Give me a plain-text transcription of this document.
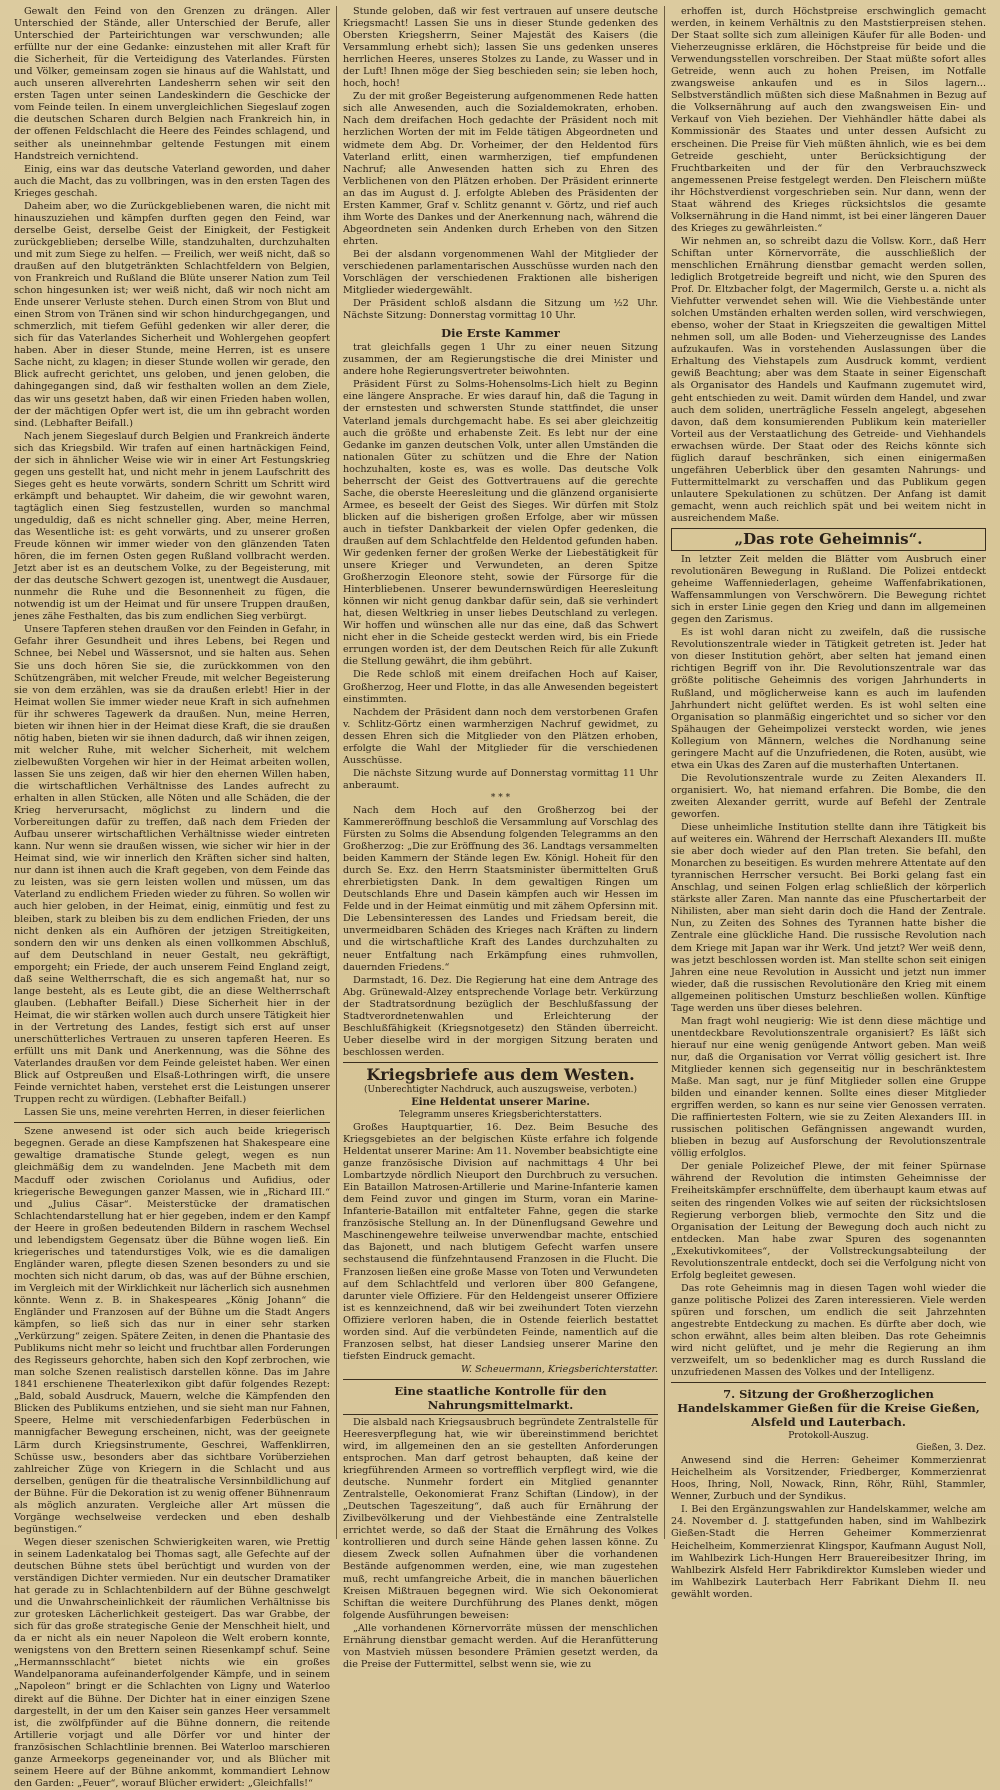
Gewalt den Feind von den Grenzen zu drängen. Aller Unterschied der Stände, aller Unterschied der Berufe, aller Unterschied der Parteirichtungen war verschwunden; alle erfüllte nur der eine Gedanke: einzustehen mit aller Kraft für die Sicherheit, für die Verteidigung des Vaterlandes. Fürsten und Völker, gemeinsam zogen sie hinaus auf die Wahlstatt, und auch unseren allverehrten Landesherrn sehen wir seit den ersten Tagen unter seinen Landeskindern die Geschicke der vom Feinde teilen. In einem unvergleichlichen Siegeslauf zogen die deutschen Scharen durch Belgien nach Frankreich hin, in der offenen Feldschlacht die Heere des Feindes schlagend, und seither als uneinnehmbar geltende Festungen mit einem Handstreich vernichtend.

Einig, eins war das deutsche Vaterland geworden, und daher auch die Macht, das zu vollbringen, was in den ersten Tagen des Krieges geschah.

Daheim aber, wo die Zurückgebliebenen waren, die nicht mit hinauszuziehen und kämpfen durften gegen den Feind, war derselbe Geist, derselbe Geist der Einigkeit, der Festigkeit zurückgeblieben; derselbe Wille, standzuhalten, durchzuhalten und mit zum Siege zu helfen. — Freilich, wer weiß nicht, daß so draußen auf den blutgetränkten Schlachtfeldern von Belgien, von Frankreich und Rußland die Blüte unserer Nation zum Teil schon hingesunken ist; wer weiß nicht, daß wir noch nicht am Ende unserer Verluste stehen. Durch einen Strom von Blut und einen Strom von Tränen sind wir schon hindurchgegangen, und schmerzlich, mit tiefem Gefühl gedenken wir aller derer, die sich für das Vaterlandes Sicherheit und Wohlergehen geopfert haben. Aber in dieser Stunde, meine Herren, ist es unsere Sache nicht, zu klagen; in dieser Stunde wollen wir gerade, den Blick aufrecht gerichtet, uns geloben, und jenen geloben, die dahingegangen sind, daß wir festhalten wollen an dem Ziele, das wir uns gesetzt haben, daß wir einen Frieden haben wollen, der der mächtigen Opfer wert ist, die um ihn gebracht worden sind. (Lebhafter Beifall.)

Nach jenem Siegeslauf durch Belgien und Frankreich änderte sich das Kriegsbild. Wir trafen auf einen hartnäckigen Feind, der sich in ähnlicher Weise wie wir in einer Art Festungskrieg gegen uns gestellt hat, und nicht mehr in jenem Laufschritt des Sieges geht es heute vorwärts, sondern Schritt um Schritt wird erkämpft und behauptet. Wir daheim, die wir gewohnt waren, tagtäglich einen Sieg festzustellen, wurden so manchmal ungeduldig, daß es nicht schneller ging. Aber, meine Herren, das Wesentliche ist: es geht vorwärts, und zu unserer großen Freude können wir immer wieder von den glänzenden Taten hören, die im fernen Osten gegen Rußland vollbracht werden. Jetzt aber ist es an deutschem Volke, zu der Begeisterung, mit der das deutsche Schwert gezogen ist, unentwegt die Ausdauer, nunmehr die Ruhe und die Besonnenheit zu fügen, die notwendig ist um der Heimat und für unsere Truppen draußen, jenes zähe Festhalten, das bis zum endlichen Sieg verbürgt.

Unsere Tapferen stehen draußen vor den Feinden in Gefahr, in Gefahr ihrer Gesundheit und ihres Lebens, bei Regen und Schnee, bei Nebel und Wässersnot, und sie halten aus. Sehen Sie uns doch hören Sie sie, die zurückkommen von den Schützengräben, mit welcher Freude, mit welcher Begeisterung sie von dem erzählen, was sie da draußen erlebt! Hier in der Heimat wollen Sie immer wieder neue Kraft in sich aufnehmen für ihr schweres Tagewerk da draußen. Nun, meine Herren, bieten wir ihnen hier in der Heimat diese Kraft, die sie draußen nötig haben, bieten wir sie ihnen dadurch, daß wir ihnen zeigen, mit welcher Ruhe, mit welcher Sicherheit, mit welchem zielbewußten Vorgehen wir hier in der Heimat arbeiten wollen, lassen Sie uns zeigen, daß wir hier den ehernen Willen haben, die wirtschaftlichen Verhältnisse des Landes aufrecht zu erhalten in allen Stücken, alle Nöten und alle Schäden, die der Krieg herverursacht, möglichst zu lindern und die Vorbereitungen dafür zu treffen, daß nach dem Frieden der Aufbau unserer wirtschaftlichen Verhältnisse wieder eintreten kann. Nur wenn sie draußen wissen, wie sicher wir hier in der Heimat sind, wie wir innerlich den Kräften sicher sind halten, nur dann ist ihnen auch die Kraft gegeben, von dem Feinde das zu leisten, was sie gern leisten wollen und müssen, um das Vaterland zu endlichem Frieden wieder zu führen. So wollen wir auch hier geloben, in der Heimat, einig, einmütig und fest zu bleiben, stark zu bleiben bis zu dem endlichen Frieden, der uns nicht denken als ein Aufhören der jetzigen Streitigkeiten, sondern den wir uns denken als einen vollkommen Abschluß, auf dem Deutschland in neuer Gestalt, neu gekräftigt, emporgeht; ein Friede, der auch unserem Feind England zeigt, daß seine Weltherrschaft, die es sich angemaßt hat, nur so lange besteht, als es Leute gibt, die an diese Weltherrschaft glauben. (Lebhafter Beifall.) Diese Sicherheit hier in der Heimat, die wir stärken wollen auch durch unsere Tätigkeit hier in der Vertretung des Landes, festigt sich erst auf unser unerschütterliches Vertrauen zu unseren tapferen Heeren. Es erfüllt uns mit Dank und Anerkennung, was die Söhne des Vaterlandes draußen vor dem Feinde geleistet haben. Wer einen Blick auf Ostpreußen und Elsaß-Lothringen wirft, die unsere Feinde vernichtet haben, verstehet erst die Leistungen unserer Truppen recht zu würdigen. (Lebhafter Beifall.)

Lassen Sie uns, meine verehrten Herren, in dieser feierlichen

Szene anwesend ist oder sich auch beide kriegerisch begegnen. Gerade an diese Kampfszenen hat Shakespeare eine gewaltige dramatische Stunde gelegt, wegen es nun gleichmäßig dem zu wandelnden. Jene Macbeth mit dem Macduff oder zwischen Coriolanus und Aufidius, oder kriegerische Bewegungen ganzer Massen, wie in „Richard III.“ und „Julius Cäsar“. Meisterstücke der dramatischen Schlachtendarstellung hat er hier gegeben, indem er den Kampf der Heere in großen bedeutenden Bildern in raschem Wechsel und lebendigstem Gegensatz über die Bühne wogen ließ. Ein kriegerisches und tatendurstiges Volk, wie es die damaligen Engländer waren, pflegte diesen Szenen besonders zu und sie mochten sich nicht darum, ob das, was auf der Bühne erschien, im Vergleich mit der Wirklichkeit nur lächerlich sich ausnehmen könnte. Wenn z. B. in Shakespeares „König Johann“ die Engländer und Franzosen auf der Bühne um die Stadt Angers kämpfen, so ließ sich das nur in einer sehr starken „Verkürzung“ zeigen. Spätere Zeiten, in denen die Phantasie des Publikums nicht mehr so leicht und fruchtbar allen Forderungen des Regisseurs gehorchte, haben sich den Kopf zerbrochen, wie man solche Szenen realistisch darstellen könne. Das im Jahre 1841 erschienene Theaterlexikon gibt dafür folgendes Rezept: „Bald, sobald Ausdruck, Mauern, welche die Kämpfenden den Blicken des Publikums entziehen, und sie sieht man nur Fahnen, Speere, Helme mit verschiedenfarbigen Federbüschen in mannigfacher Bewegung erscheinen, nicht, was der geeignete Lärm durch Kriegsinstrumente, Geschrei, Waffenklirren, Schüsse usw., besonders aber das sichtbare Vorüberziehen zahlreicher Züge von Kriegern in die Schlacht und aus derselben, genügen für die theatralische Versinnbildlichung auf der Bühne. Für die Dekoration ist zu wenig offener Bühnenraum als möglich anzuraten. Vergleiche aller Art müssen die Vorgänge wechselweise verdecken und eben deshalb begünstigen.“

Wegen dieser szenischen Schwierigkeiten waren, wie Prettig in seinem Ladenkatalog bei Thomas sagt, alle Gefechte auf der deutschen Bühne stets übel berüchtigt und wurden von der verständigen Dichter vermieden. Nur ein deutscher Dramatiker hat gerade zu in Schlachtenbildern auf der Bühne geschwelgt und die Unwahrscheinlichkeit der räumlichen Verhältnisse bis zur grotesken Lächerlichkeit gesteigert. Das war Grabbe, der sich für das große strategische Genie der Menschheit hielt, und da er nicht als ein neuer Napoleon die Welt erobern konnte, wenigstens von den Brettern seinen Riesenkampf schuf. Seine „Hermannsschlacht“ bietet nichts wie ein großes Wandelpanorama aufeinanderfolgender Kämpfe, und in seinem „Napoleon“ bringt er die Schlachten von Ligny und Waterloo direkt auf die Bühne. Der Dichter hat in einer einzigen Szene dargestellt, in der um den Kaiser sein ganzes Heer versammelt ist, die zwölfpfünder auf die Bühne donnern, die reitende Artillerie vorjagt und alle Dörfer vor und hinter der französischen Schlachtlinie brennen. Bei Waterloo marschieren ganze Armeekorps gegeneinander vor, und als Blücher mit seinem Heere auf der Bühne ankommt, kommandiert Lehnow den Garden: „Feuer“, worauf Blücher erwidert: „Gleichfalls!“

Stunde geloben, daß wir fest vertrauen auf unsere deutsche Kriegsmacht! Lassen Sie uns in dieser Stunde gedenken des Obersten Kriegsherrn, Seiner Majestät des Kaisers (die Versammlung erhebt sich); lassen Sie uns gedenken unseres herrlichen Heeres, unseres Stolzes zu Lande, zu Wasser und in der Luft! Ihnen möge der Sieg beschieden sein; sie leben hoch, hoch, hoch!

Zu der mit großer Begeisterung aufgenommenen Rede hatten sich alle Anwesenden, auch die Sozialdemokraten, erhoben. Nach dem dreifachen Hoch gedachte der Präsident noch mit herzlichen Worten der mit im Felde tätigen Abgeordneten und widmete dem Abg. Dr. Vorheimer, der den Heldentod fürs Vaterland erlitt, einen warmherzigen, tief empfundenen Nachruf; alle Anwesenden hatten sich zu Ehren des Verblichenen von den Plätzen erhoben. Der Präsident erinnerte an das im August d. J. erfolgte Ableben des Präsidenten der Ersten Kammer, Graf v. Schlitz genannt v. Görtz, und rief auch ihm Worte des Dankes und der Anerkennung nach, während die Abgeordneten sein Andenken durch Erheben von den Sitzen ehrten.

Bei der alsdann vorgenommenen Wahl der Mitglieder der verschiedenen parlamentarischen Ausschüsse wurden nach den Vorschlägen der verschiedenen Fraktionen alle bisherigen Mitglieder wiedergewählt.

Der Präsident schloß alsdann die Sitzung um ½2 Uhr. Nächste Sitzung: Donnerstag vormittag 10 Uhr.

Die Erste Kammer

trat gleichfalls gegen 1 Uhr zu einer neuen Sitzung zusammen, der am Regierungstische die drei Minister und andere hohe Regierungsvertreter beiwohnten.

Präsident Fürst zu Solms-Hohensolms-Lich hielt zu Beginn eine längere Ansprache. Er wies darauf hin, daß die Tagung in der ernstesten und schwersten Stunde stattfindet, die unser Vaterland jemals durchgemacht habe. Es sei aber gleichzeitig auch die größte und erhabenste Zeit. Es lebt nur der eine Gedanke im ganzen deutschen Volk, unter allen Umständen die nationalen Güter zu schützen und die Ehre der Nation hochzuhalten, koste es, was es wolle. Das deutsche Volk beherrscht der Geist des Gottvertrauens auf die gerechte Sache, die oberste Heeresleitung und die glänzend organisierte Armee, es beseelt der Geist des Sieges. Wir dürfen mit Stolz blicken auf die bisherigen großen Erfolge, aber wir müssen auch in tiefster Dankbarkeit der vielen Opfer gedenken, die draußen auf dem Schlachtfelde den Heldentod gefunden haben. Wir gedenken ferner der großen Werke der Liebestätigkeit für unsere Krieger und Verwundeten, an deren Spitze Großherzogin Eleonore steht, sowie der Fürsorge für die Hinterbliebenen. Unserer bewundernswürdigen Heeresleitung können wir nicht genug dankbar dafür sein, daß sie verhindert hat, diesen Weltkrieg in unser liebes Deutschland zu verlegen. Wir hoffen und wünschen alle nur das eine, daß das Schwert nicht eher in die Scheide gesteckt werden wird, bis ein Friede errungen worden ist, der dem Deutschen Reich für alle Zukunft die Stellung gewährt, die ihm gebührt.

Die Rede schloß mit einem dreifachen Hoch auf Kaiser, Großherzog, Heer und Flotte, in das alle Anwesenden begeistert einstimmten.

Nachdem der Präsident dann noch dem verstorbenen Grafen v. Schlitz-Görtz einen warmherzigen Nachruf gewidmet, zu dessen Ehren sich die Mitglieder von den Plätzen erhoben, erfolgte die Wahl der Mitglieder für die verschiedenen Ausschüsse.

Die nächste Sitzung wurde auf Donnerstag vormittag 11 Uhr anberaumt.

* * *

Nach dem Hoch auf den Großherzog bei der Kammereröffnung beschloß die Versammlung auf Vorschlag des Fürsten zu Solms die Absendung folgenden Telegramms an den Großherzog: „Die zur Eröffnung des 36. Landtags versammelten beiden Kammern der Stände legen Ew. Königl. Hoheit für den durch Se. Exz. den Herrn Staatsminister übermittelten Gruß ehrerbietigsten Dank. In dem gewaltigen Ringen um Deutschlands Ehre und Dasein kämpfen auch wir Hessen im Felde und in der Heimat einmütig und mit zähem Opfersinn mit. Die Lebensinteressen des Landes und Friedsam bereit, die unvermeidbaren Schäden des Krieges nach Kräften zu lindern und die wirtschaftliche Kraft des Landes durchzuhalten zu neuer Entfaltung nach Erkämpfung eines ruhmvollen, dauernden Friedens.“

Darmstadt, 16. Dez. Die Regierung hat eine dem Antrage des Abg. Grünewald-Alzey entsprechende Vorlage betr. Verkürzung der Stadtratsordnung bezüglich der Beschlußfassung der Stadtverordnetenwahlen und Erleichterung der Beschlußfähigkeit (Kriegsnotgesetz) den Ständen überreicht. Ueber dieselbe wird in der morgigen Sitzung beraten und beschlossen werden.

Kriegsbriefe aus dem Westen.
(Unberechtigter Nachdruck, auch auszugsweise, verboten.)
Eine Heldentat unserer Marine.
Telegramm unseres Kriegsberichterstatters.

Großes Hauptquartier, 16. Dez. Beim Besuche des Kriegsgebietes an der belgischen Küste erfahre ich folgende Heldentat unserer Marine: Am 11. November beabsichtigte eine ganze französische Division auf nachmittags 4 Uhr bei Lombartzyde nördlich Nieuport den Durchbruch zu versuchen. Ein Bataillon Matrosen-Artillerie und Marine-Infanterie kamen dem Feind zuvor und gingen im Sturm, voran ein Marine-Infanterie-Bataillon mit entfalteter Fahne, gegen die starke französische Stellung an. In der Dünenflugsand Gewehre und Maschinengewehre teilweise unverwendbar machte, entschied das Bajonett, und nach blutigem Gefecht warfen unsere sechstausend die fünfzehntausend Franzosen in die Flucht. Die Franzosen ließen eine große Masse von Toten und Verwundeten auf dem Schlachtfeld und verloren über 800 Gefangene, darunter viele Offiziere. Für den Heldengeist unserer Offiziere ist es kennzeichnend, daß wir bei zweihundert Toten vierzehn Offiziere verloren haben, die in Ostende feierlich bestattet worden sind. Auf die verbündeten Feinde, namentlich auf die Franzosen selbst, hat dieser Landsieg unserer Marine den tiefsten Eindruck gemacht.

W. Scheuermann, Kriegsberichterstatter.
Eine staatliche Kontrolle für den Nahrungsmittelmarkt.

Die alsbald nach Kriegsausbruch begründete Zentralstelle für Heeresverpflegung hat, wie wir übereinstimmend berichtet wird, im allgemeinen den an sie gestellten Anforderungen entsprochen. Man darf getrost behaupten, daß keine der kriegführenden Armeen so vortrefflich verpflegt wird, wie die deutsche. Nunmehr fordert ein Mitglied genannter Zentralstelle, Oekonomierat Franz Schiftan (Lindow), in der „Deutschen Tageszeitung“, daß auch für Ernährung der Zivilbevölkerung und der Viehbestände eine Zentralstelle errichtet werde, so daß der Staat die Ernährung des Volkes kontrollieren und durch seine Hände gehen lassen könne. Zu diesem Zweck sollen Aufnahmen über die vorhandenen Bestände aufgenommen werden, eine, wie man zugestehen muß, recht umfangreiche Arbeit, die in manchen bäuerlichen Kreisen Mißtrauen begegnen wird. Wie sich Oekonomierat Schiftan die weitere Durchführung des Planes denkt, mögen folgende Ausführungen beweisen:

„Alle vorhandenen Körnervorräte müssen der menschlichen Ernährung dienstbar gemacht werden. Auf die Heranfütterung von Mastvieh müssen besondere Prämien gesetzt werden, da die Preise der Futtermittel, selbst wenn sie, wie zu

erhoffen ist, durch Höchstpreise erschwinglich gemacht werden, in keinem Verhältnis zu den Maststierpreisen stehen. Der Staat sollte sich zum alleinigen Käufer für alle Boden- und Vieherzeugnisse erklären, die Höchstpreise für beide und die Verwendungsstellen vorschreiben. Der Staat müßte sofort alles Getreide, wenn auch zu hohen Preisen, im Notfalle zwangsweise ankaufen und es in Silos lagern... Selbstverständlich müßten sich diese Maßnahmen in Bezug auf die Volksernährung auf auch den zwangsweisen Ein- und Verkauf von Vieh beziehen. Der Viehhändler hätte dabei als Kommissionär des Staates und unter dessen Aufsicht zu erscheinen. Die Preise für Vieh müßten ähnlich, wie es bei dem Getreide geschieht, unter Berücksichtigung der Fruchtbarkeiten und der für den Verbrauchszweck angemessenen Preise festgelegt werden. Den Fleischern müßte ihr Höchstverdienst vorgeschrieben sein. Nur dann, wenn der Staat während des Krieges rücksichtslos die gesamte Volksernährung in die Hand nimmt, ist bei einer längeren Dauer des Krieges zu gewährleisten.“

Wir nehmen an, so schreibt dazu die Vollsw. Korr., daß Herr Schiftan unter Körnervorräte, die ausschließlich der menschlichen Ernährung dienstbar gemacht werden sollen, lediglich Brotgetreide begreift und nicht, wie den Spuren des Prof. Dr. Eltzbacher folgt, der Magermilch, Gerste u. a. nicht als Viehfutter verwendet sehen will. Wie die Viehbestände unter solchen Umständen erhalten werden sollen, wird verschwiegen, ebenso, woher der Staat in Kriegszeiten die gewaltigen Mittel nehmen soll, um alle Boden- und Vieherzeugnisse des Landes aufzukaufen. Was in vorstehenden Auslassungen über die Erhaltung des Viehstapels zum Ausdruck kommt, verdient gewiß Beachtung; aber was dem Staate in seiner Eigenschaft als Organisator des Handels und Kaufmann zugemutet wird, geht entschieden zu weit. Damit würden dem Handel, und zwar auch dem soliden, unerträgliche Fesseln angelegt, abgesehen davon, daß dem konsumierenden Publikum kein materieller Vorteil aus der Verstaatlichung des Getreide- und Viehhandels erwachsen würde. Der Staat oder des Reichs könnte sich füglich darauf beschränken, sich einen einigermaßen ungefähren Ueberblick über den gesamten Nahrungs- und Futtermittelmarkt zu verschaffen und das Publikum gegen unlautere Spekulationen zu schützen. Der Anfang ist damit gemacht, wenn auch reichlich spät und bei weitem nicht in ausreichendem Maße.

„Das rote Geheimnis“.

In letzter Zeit melden die Blätter vom Ausbruch einer revolutionären Bewegung in Rußland. Die Polizei entdeckt geheime Waffenniederlagen, geheime Waffenfabrikationen, Waffensammlungen von Verschwörern. Die Bewegung richtet sich in erster Linie gegen den Krieg und dann im allgemeinen gegen den Zarismus.

Es ist wohl daran nicht zu zweifeln, daß die russische Revolutionszentrale wieder in Tätigkeit getreten ist. Jeder hat von dieser Institution gehört, aber selten hat jemand einen richtigen Begriff von ihr. Die Revolutionszentrale war das größte politische Geheimnis des vorigen Jahrhunderts in Rußland, und möglicherweise kann es auch im laufenden Jahrhundert nicht gelüftet werden. Es ist wohl selten eine Organisation so planmäßig eingerichtet und so sicher vor den Spähaugen der Geheimpolizei versteckt worden, wie jenes Kollegium von Männern, welches die Nordhanung seine geringere Macht auf die Unzufriedenen, die Roten, ausübt, wie etwa ein Ukas des Zaren auf die musterhaften Untertanen.

Die Revolutionszentrale wurde zu Zeiten Alexanders II. organisiert. Wo, hat niemand erfahren. Die Bombe, die den zweiten Alexander gerritt, wurde auf Befehl der Zentrale geworfen.

Diese unheimliche Institution stellte dann ihre Tätigkeit bis auf weiteres ein. Während der Herrschaft Alexanders III. mußte sie aber doch wieder auf den Plan treten. Sie befahl, den Monarchen zu beseitigen. Es wurden mehrere Attentate auf den tyrannischen Herrscher versucht. Bei Borki gelang fast ein Anschlag, und seinen Folgen erlag schließlich der körperlich stärkste aller Zaren. Man nannte das eine Pfuschertarbeit der Nihilisten, aber man sieht darin doch die Hand der Zentrale. Nun, zu Zeiten des Sohnes des Tyrannen hatte bisher die Zentrale eine glückliche Hand. Die russische Revolution nach dem Kriege mit Japan war ihr Werk. Und jetzt? Wer weiß denn, was jetzt beschlossen worden ist. Man stellte schon seit einigen Jahren eine neue Revolution in Aussicht und jetzt nun immer wieder, daß die russischen Revolutionäre den Krieg mit einem allgemeinen politischen Umsturz beschließen wollen. Künftige Tage werden uns über dieses belehren.

Man fragt wohl neugierig: Wie ist denn diese mächtige und unentdeckbare Revolutionszentrale organisiert? Es läßt sich hierauf nur eine wenig genügende Antwort geben. Man weiß nur, daß die Organisation vor Verrat völlig gesichert ist. Ihre Mitglieder kennen sich gegenseitig nur in beschränktestem Maße. Man sagt, nur je fünf Mitglieder sollen eine Gruppe bilden und einander kennen. Sollte eines dieser Mitglieder ergriffen werden, so kann es nur seine vier Genossen verraten. Die raffiniertesten Foltern, wie sie zu Zeiten Alexanders III. in russischen politischen Gefängnissen angewandt wurden, blieben in bezug auf Ausforschung der Revolutionszentrale völlig erfolglos.

Der geniale Polizeichef Plewe, der mit feiner Spürnase während der Revolution die intimsten Geheimnisse der Freiheitskämpfer erschnüffelte, dem überhaupt kaum etwas auf seiten des ringenden Volkes wie auf seiten der rücksichtslosen Regierung verborgen blieb, vermochte den Sitz und die Organisation der Leitung der Bewegung doch auch nicht zu entdecken. Man habe zwar Spuren des sogenannten „Exekutivkomitees“, der Vollstreckungsabteilung der Revolutionszentrale entdeckt, doch sei die Verfolgung nicht von Erfolg begleitet gewesen.

Das rote Geheimnis mag in diesen Tagen wohl wieder die ganze politische Polizei des Zaren interessieren. Viele werden spüren und forschen, um endlich die seit Jahrzehnten angestrebte Entdeckung zu machen. Es dürfte aber doch, wie schon erwähnt, alles beim alten bleiben. Das rote Geheimnis wird nicht gelüftet, und je mehr die Regierung an ihm verzweifelt, um so bedenklicher mag es durch Russland die unzufriedenen Massen des Volkes und der Intelligenz.

7. Sitzung der Großherzoglichen Handelskammer Gießen für die Kreise Gießen, Alsfeld und Lauterbach.
Protokoll-Auszug.
Gießen, 3. Dez.

Anwesend sind die Herren: Geheimer Kommerzienrat Heichelheim als Vorsitzender, Friedberger, Kommerzienrat Hoos, Ihring, Noll, Nowack, Rinn, Röhr, Rühl, Stammler, Wenner, Zurbuch und der Syndikus.

I. Bei den Ergänzungswahlen zur Handelskammer, welche am 24. November d. J. stattgefunden haben, sind im Wahlbezirk Gießen-Stadt die Herren Geheimer Kommerzienrat Heichelheim, Kommerzienrat Klingspor, Kaufmann August Noll, im Wahlbezirk Lich-Hungen Herr Brauereibesitzer Ihring, im Wahlbezirk Alsfeld Herr Fabrikdirektor Kumsleben wieder und im Wahlbezirk Lauterbach Herr Fabrikant Diehm II. neu gewählt worden.
